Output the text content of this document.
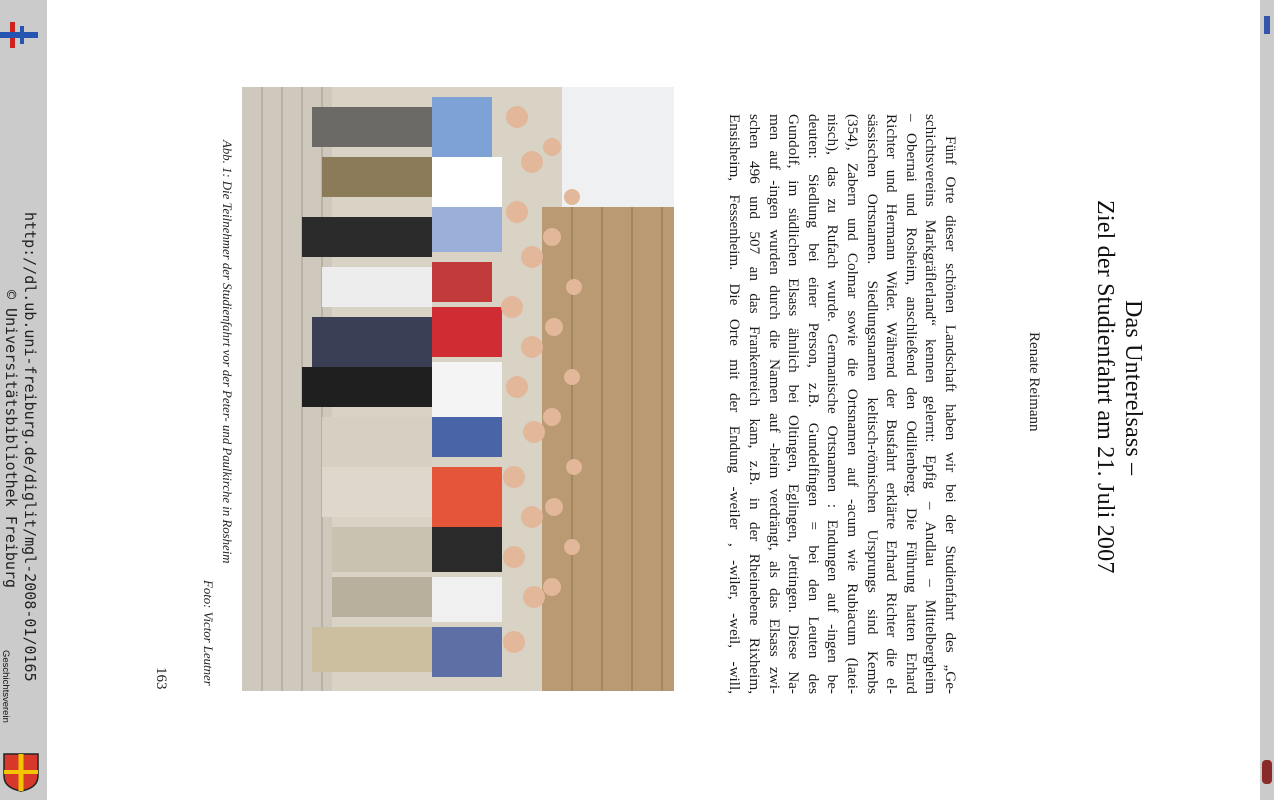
http://dl.ub.uni-freiburg.de/diglit/mgl-2008-01/0165
© Universitätsbibliothek Freiburg
Geschichtsverein
Das Unterelsass –
Ziel der Studienfahrt am 21. Juli 2007
Renate Reimann
Fünf Orte dieser schönen Landschaft haben wir bei der Studienfahrt des „Ge-
schichtsvereins Markgräflerland“ kennen gelernt: Epfig – Andlau – Mittelbergheim
– Obernai und Rosheim, anschließend den Odilienberg. Die Führung hatten Erhard
Richter und Hermann Wider. Während der Busfahrt erklärte Erhard Richter die el-
sässischen Ortsnamen. Siedlungsnamen keltisch-römischen Ursprungs sind Kembs
(354), Zabern und Colmar sowie die Ortsnamen auf -acum wie Rubiacum (latei-
nisch), das zu Rufach wurde. Germanische Ortsnamen : Endungen auf -ingen be-
deuten: Siedlung bei einer Person, z.B. Gundelfingen = bei den Leuten des
Gundolf, im südlichen Elsass ähnlich bei Oltingen, Eglingen, Jettingen. Diese Na-
men auf -ingen wurden durch die Namen auf -heim verdrängt, als das Elsass zwi-
schen 496 und 507 an das Frankenreich kam, z.B. in der Rheinebene Rixheim,
Ensisheim, Fessenheim. Die Orte mit der Endung -weiler , -wiler, -weil, -will,
Abb. 1: Die Teilnehmer der Studienfahrt vor der Peter- und Paulkirche in Rosheim
Foto: Victor Leutner
163
